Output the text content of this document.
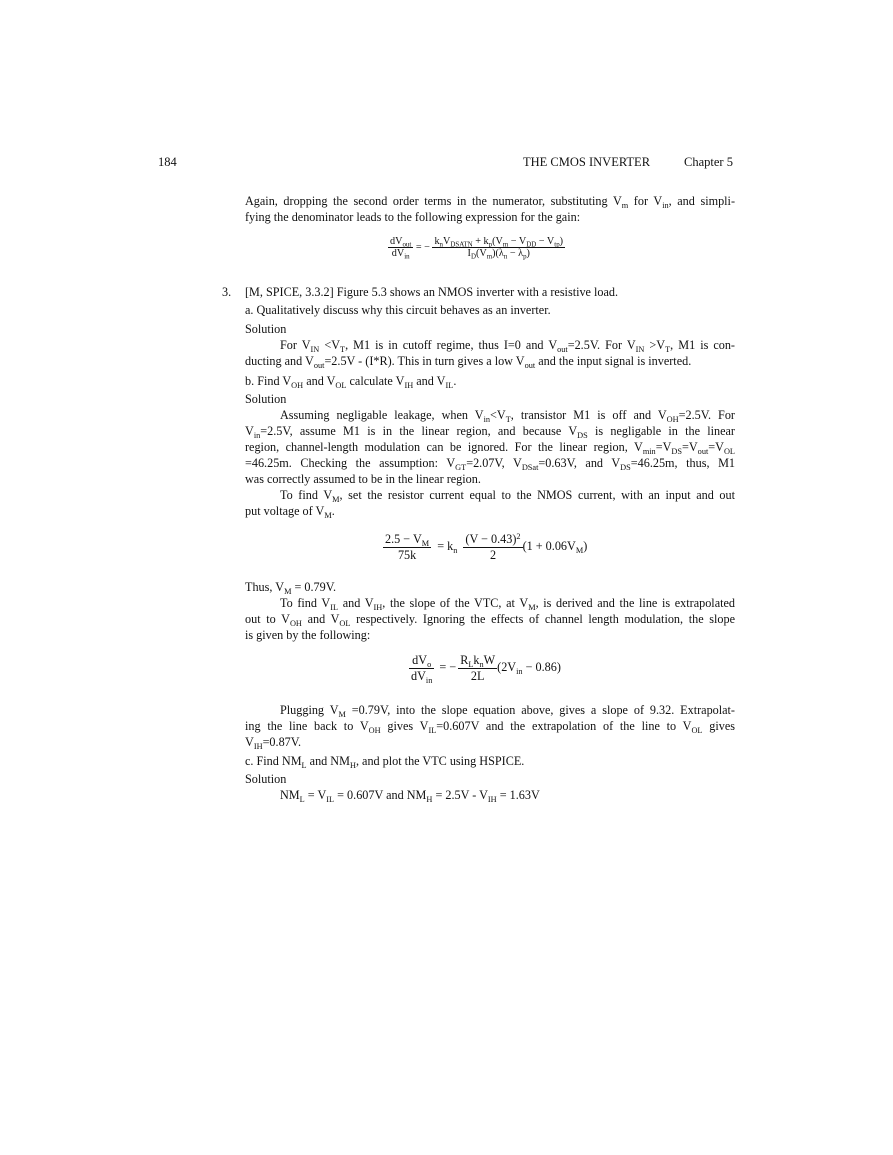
184	THE CMOS INVERTER	Chapter 5
Again, dropping the second order terms in the numerator, substituting $V_m$ for $V_{in}$, and simpli-
fying the denominator leads to the following expression for the gain:
$\frac{dV_{out}}{dV_{in}}$ = − $\frac{k_nV_{DSATN} + k_p(V_m - V_{DD} - V_{tp})}{I_D(V_m)(\lambda_n - \lambda_p)}$
3.	[M, SPICE, 3.3.2] Figure 5.3 shows an NMOS inverter with a resistive load.
a. Qualitatively discuss why this circuit behaves as an inverter.
Solution
For $V_{IN} <V_T$, M1 is in cutoff regime, thus I=0 and $V_{out}=2.5V$. For $V_{IN} >V_T$, M1 is con-
ducting and $V_{out}=2.5V - (I*R)$. This in turn gives a low $V_{out}$ and the input signal is inverted.
b. Find $V_{OH}$ and $V_{OL}$ calculate $V_{IH}$ and $V_{IL}$.
Solution
Assuming negligable leakage, when $V_{in}<V_T$, transistor M1 is off and $V_{OH}=2.5V$. For
$V_{in}=2.5V$, assume M1 is in the linear region, and because $V_{DS}$ is negligable in the linear
region, channel-length modulation can be ignored. For the linear region, $V_{min}=V_{DS}=V_{out}=V_{OL}$
=46.25m. Checking the assumption: $V_{GT}=2.07V$, $V_{DSat}=0.63V$, and $V_{DS}=46.25m$, thus, M1
was correctly assumed to be in the linear region.
To find $V_M$, set the resistor current equal to the NMOS current, with an input and out
put voltage of $V_M$.
$\frac{2.5 - V_M}{75k} = k_n \frac{(V - 0.43)^2}{2} (1 + 0.06V_M)$
Thus, $V_M = 0.79V$.
To find $V_{IL}$ and $V_{IH}$, the slope of the VTC, at $V_M$, is derived and the line is extrapolated
out to $V_{OH}$ and $V_{OL}$ respectively. Ignoring the effects of channel length modulation, the slope
is given by the following:
$\frac{dV_o}{dV_{in}}$ = − $\frac{R_Lk_nW}{2L} (2V_{in} - 0.86)$
Plugging $V_M =0.79V$, into the slope equation above, gives a slope of 9.32. Extrapolat-
ing the line back to $V_{OH}$ gives $V_{IL}=0.607V$ and the extrapolation of the line to $V_{OL}$ gives
$V_{IH}=0.87V$.
c. Find $NM_L$ and $NM_H$, and plot the VTC using HSPICE.
Solution
$NM_L = V_{IL} = 0.607V$ and $NM_H = 2.5V - V_{IH} = 1.63V$
